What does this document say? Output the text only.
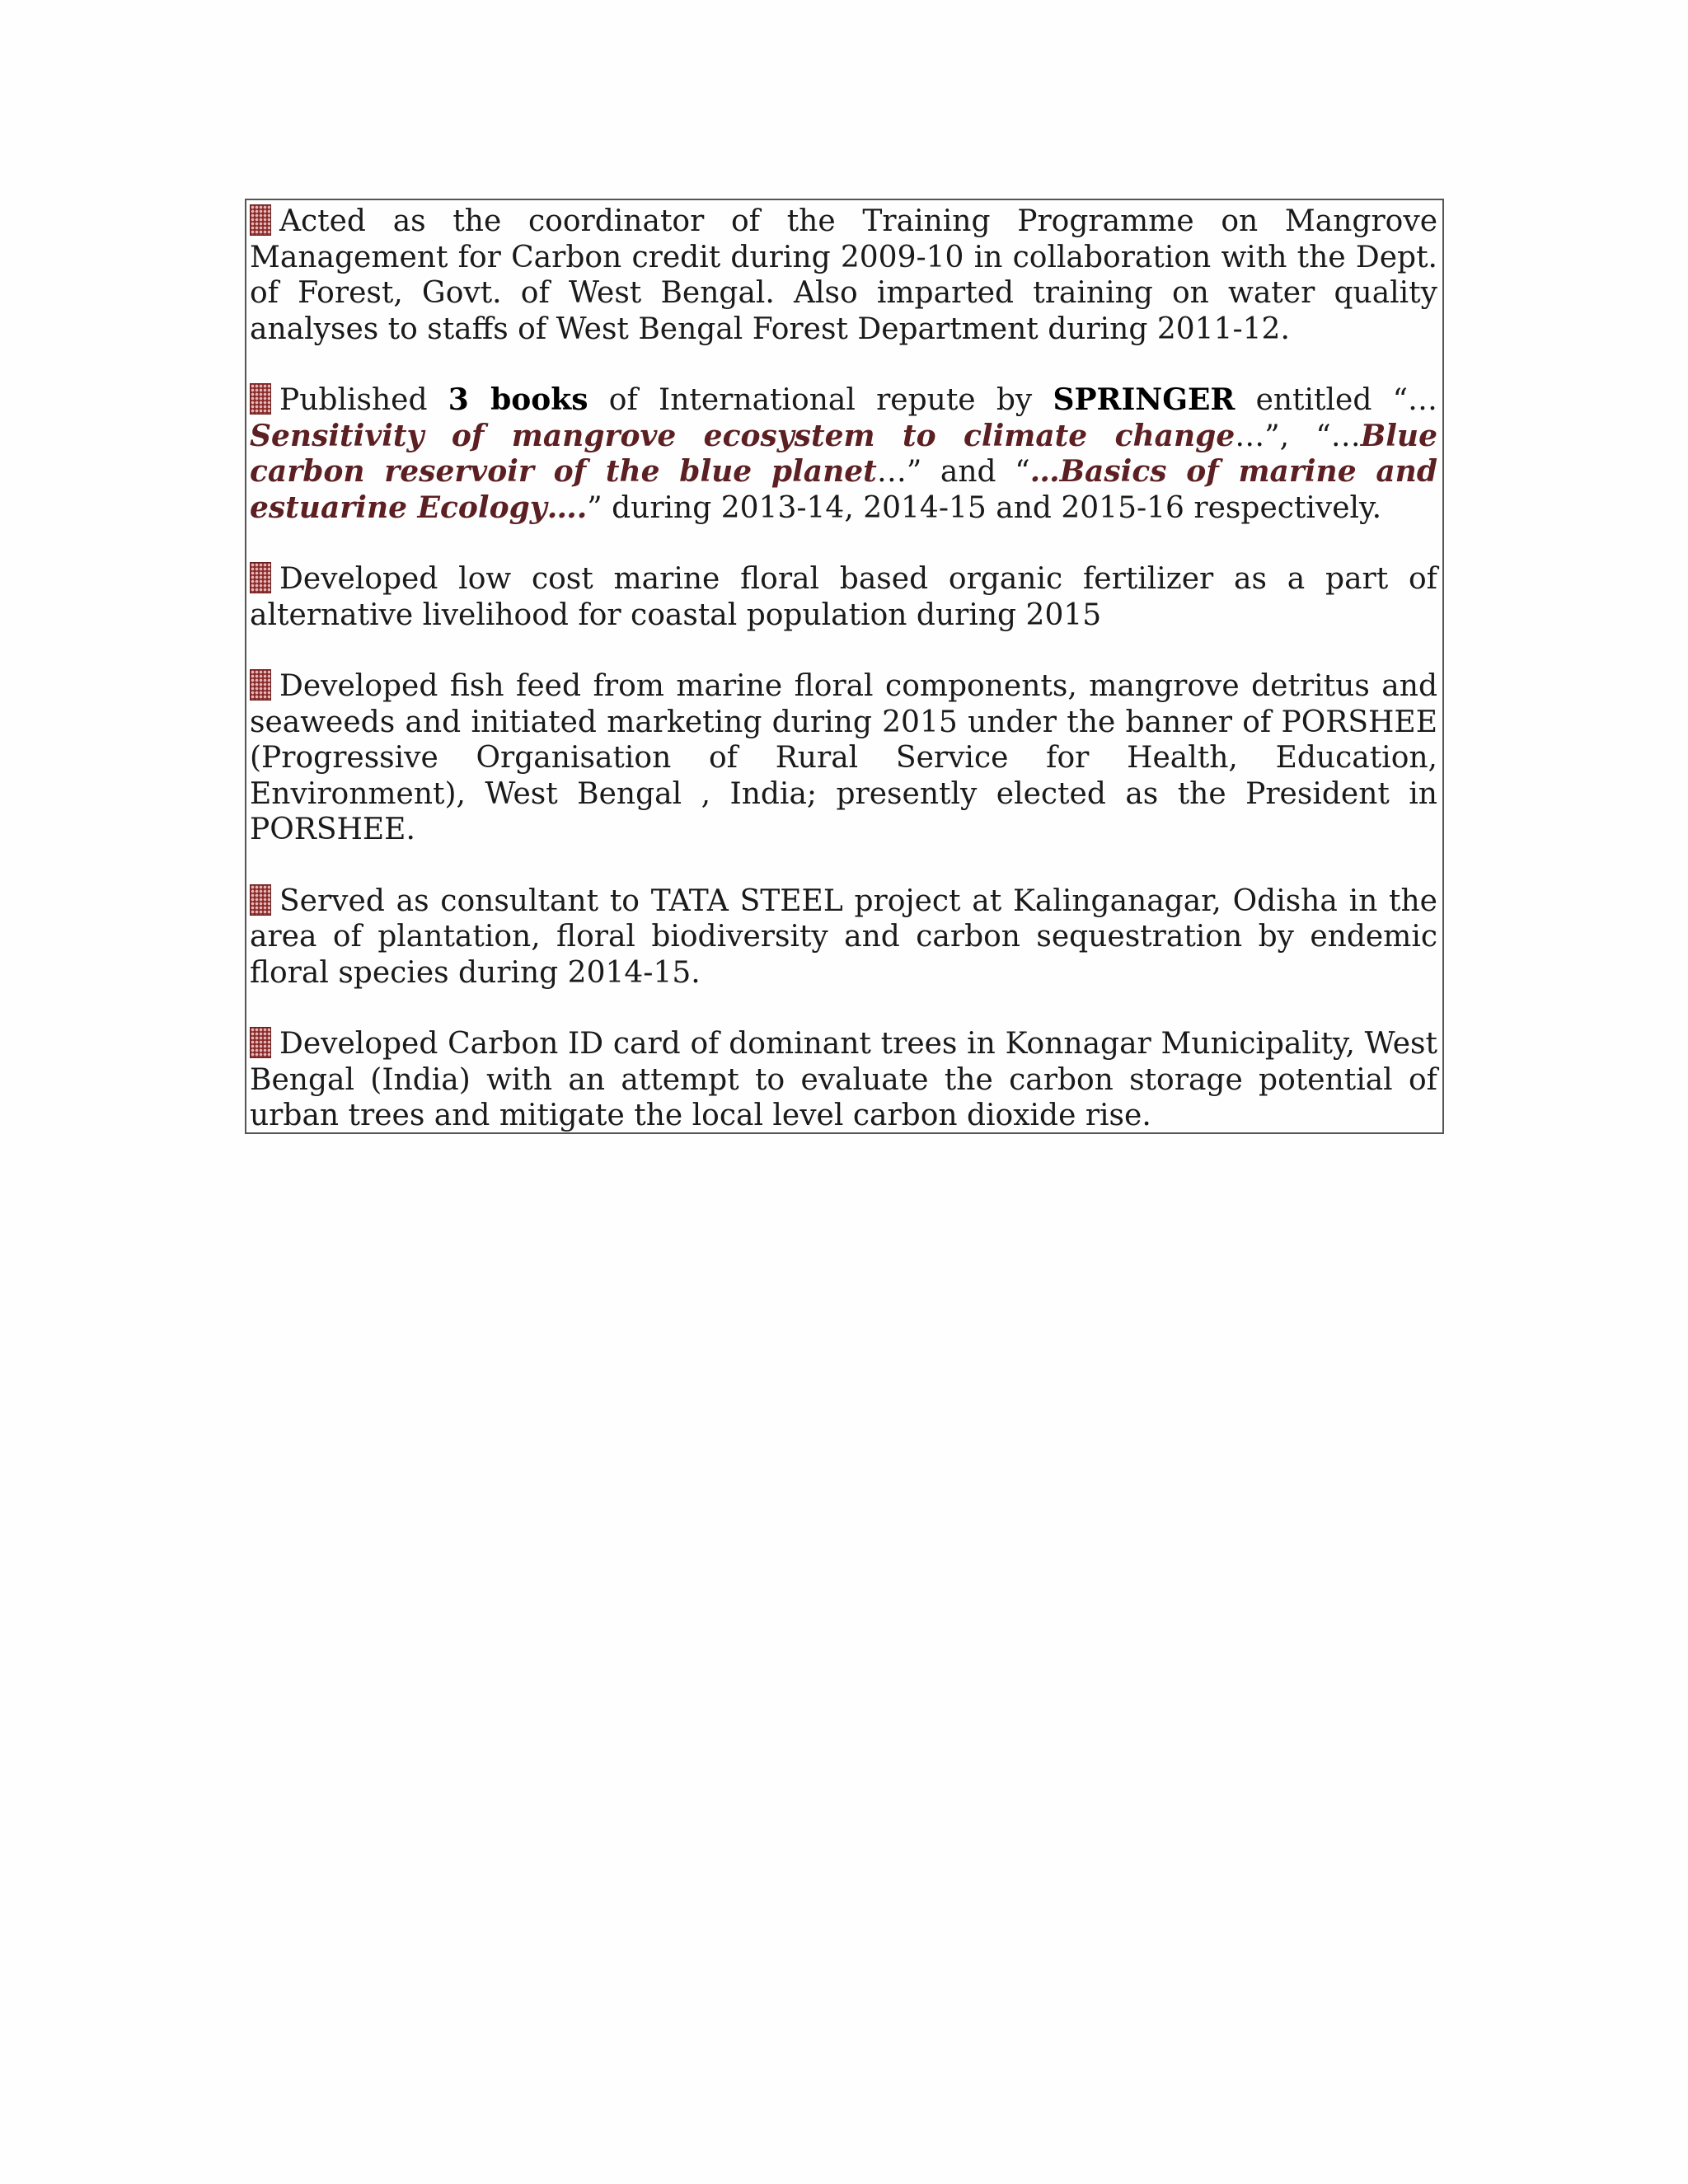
Acted as the coordinator of the Training Programme on Mangrove Management for Carbon credit during 2009-10 in collaboration with the Dept. of Forest, Govt. of West Bengal. Also imparted training on water quality analyses to staffs of West Bengal Forest Department during 2011-12.

Published 3 books of International repute by SPRINGER entitled “…Sensitivity of mangrove ecosystem to climate change…”, “…Blue carbon reservoir of the blue planet…” and “…Basics of marine and estuarine Ecology….” during 2013-14, 2014-15 and 2015-16 respectively.

Developed low cost marine floral based organic fertilizer as a part of alternative livelihood for coastal population during 2015

Developed fish feed from marine floral components, mangrove detritus and seaweeds and initiated marketing during 2015 under the banner of PORSHEE (Progressive Organisation of Rural Service for Health, Education, Environment), West Bengal , India; presently elected as the President in PORSHEE.

Served as consultant to TATA STEEL project at Kalinganagar, Odisha in the area of plantation, floral biodiversity and carbon sequestration by endemic floral species during 2014-15.

Developed Carbon ID card of dominant trees in Konnagar Municipality, West Bengal (India) with an attempt to evaluate the carbon storage potential of urban trees and mitigate the local level carbon dioxide rise.
